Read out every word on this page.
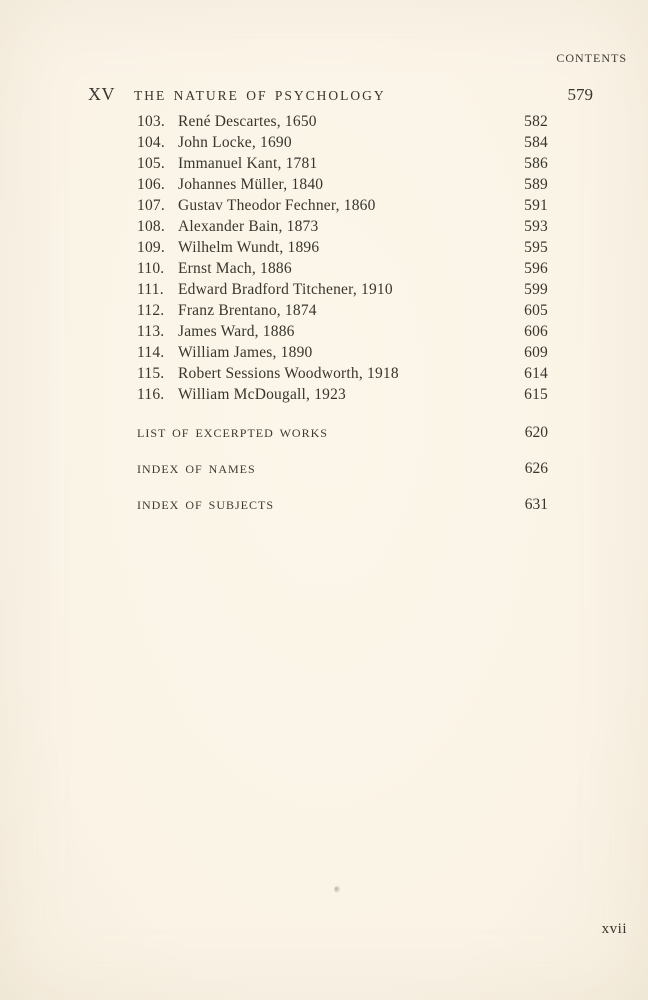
CONTENTS
XV	THE NATURE OF PSYCHOLOGY	579
103. René Descartes, 1650	582
104. John Locke, 1690	584
105. Immanuel Kant, 1781	586
106. Johannes Müller, 1840	589
107. Gustav Theodor Fechner, 1860	591
108. Alexander Bain, 1873	593
109. Wilhelm Wundt, 1896	595
110. Ernst Mach, 1886	596
111. Edward Bradford Titchener, 1910	599
112. Franz Brentano, 1874	605
113. James Ward, 1886	606
114. William James, 1890	609
115. Robert Sessions Woodworth, 1918	614
116. William McDougall, 1923	615
LIST OF EXCERPTED WORKS	620
INDEX OF NAMES	626
INDEX OF SUBJECTS	631
xvii
